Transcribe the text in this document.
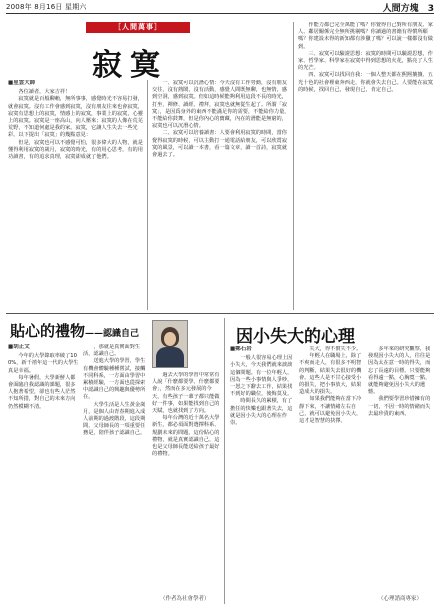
2008年 8月16日 星期六	人間方塊 3
［人間萬事］
寂寞
■星雲大師

各位讀者，大家吉祥！

寂寞就是百般聊賴，無所事事，感覺時光不容易打發，就會寂寞。沒有工作會感到寂寞，沒有朋友往來也會寂寞，寂寞有思想上的寂寞，情感上的寂寞，事業上的寂寞，心靈上的寂寞。寂寞是一座高山，向人壓來；寂寞的人像在荒芜荒野，不知道何處是我的家。寂寞，它讓人生失去一些光彩。以下提出「寂寞」的幾點意見：

但是，寂寞也可以不感覺可怕，很多偉大的人物，就是懂得利用寂寞的歲月，寂寞的時光，有的用心思考，有的用功讀書，有的追求真理，寂寞卻成就了他們。

一、寂寞可以沉潛心情：今天沒有工作勞動，沒有朋友交往，沒有熱鬧，沒有活動，感覺人間既無聊，也無情，感到空洞，感到寂寞。但如這時候能夠利用這段不長的時光，打坐、禪修、讀經、禮拜，寂寞也就無從生起了。所謂「寂寞」，是因爲身外的東西不能滿足你的需要，不能給你力量，不能給你鼓舞，但是你內心的寶藏，內在的潛能是無窮的，寂寞也可以沉潛心情。

二、寂寞可以培養讀書：人要會利用寂寞的時間，當你覺得寂寞的時候，可以主動打一通電話給朋友，可以欣賞寂寞的風景，可以讀一本書，看一篇文章，讀一首詩，寂寞就會過去了。

作能力都已完全萬能了嗎？你覺得自己對所有朋友、家人、鄰居關係完全無所挑剔嗎？你讀過的書籍有得償所願嗎？你建設未得的新知都有涉獵了嗎？可以說一樣都沒有做到。

三、寂寞可以驗證思想：寂寞的時間可以驗證思想，作家、哲學家、科學家在寂寞中得到思想的火花，點亮了人生的光芒。

四、寂寞可以找回自我：一個人整天都在熙熙攘攘、五光十色的社會裡東奔西走，你就會失去自己。人要能在寂寞的時候，找回自己，發現自己，肯定自己。

貼心的禮物——認識自己
■胡正文

今年的大學錄取率破了100%，新千禧年這一代的大學生真是幸福。

每年暑假，大學新鮮人都會面臨自我認識的課題，很多人抱著希望，卻也有些人茫然不知所措，對自己的未來方向仍然模糊不清。

，那就是真實面對生活，認識自己。

送進大學的學習，學生有機會體驗種種嘗試，接觸不同科系，一方面由學習中累積經驗，一方面也從探索中認識自己的興趣與優勢所在。

大學生活是人生黃金歲月，是個人由青春期進入成人前期的過渡階段，這段期間，父母師長的一項重要任務是，陪伴孩子認識自己。

過去大學的學習中常常有人說「什麼都要學、什麼都要會」，然而在多元發展的今天，有些孩子一輩子都只能做好一件事，如果能找到自己的天賦，也就找到了方向。

每年台灣的近十萬名大學新生，都必須面對選擇科系、規劃未來的問題。這份貼心的禮物，就是真實認識自己，這也是父母師長能送給孩子最好的禮物。

（作者為社會學者）
因小失大的心理
■鄭石岩

一般人很容易心理上因小失大，今天我們就來談談這個問題。有一位年輕人，因為一些小事情與人爭吵，一怒之下辭去工作，結果找不到好的職位，後悔莫及。

時間長久的累積，有了擔任的快樂也跟著失去，這就是因小失大的心理在作祟。

失大，得不償失不少。

年輕人在職場上，除了不爽而走人，有很多不明智的判斷，結果失去很好的機會。這些人是不甘心接受小的損失，把小事放大，結果造成大的損失。

如果我們能夠在當下冷靜下來，不讓情緒左右自己，就可以避免因小失大，這才是智慧的抉擇。

多年來的研究觀察，我發現因小失大的人，往往是因為太在意一時的得失，而忘了長遠的目標。只要能夠看得遠一點，心胸寬一點，就能夠避免因小失大的遺憾。

我們要學習珍惜擁有的一切，不因一時的情緒而失去最珍貴的東西。

（心理諮商專家）
